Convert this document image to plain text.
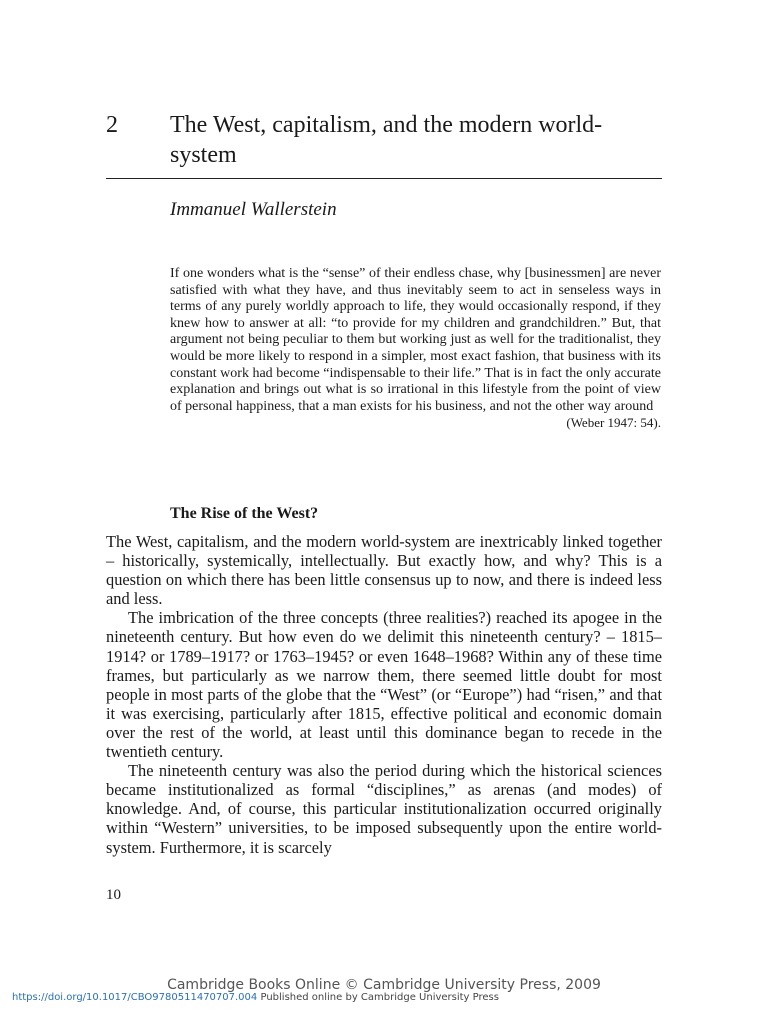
2 The West, capitalism, and the modern world-system
Immanuel Wallerstein
If one wonders what is the “sense” of their endless chase, why [businessmen] are never satisfied with what they have, and thus inevitably seem to act in senseless ways in terms of any purely worldly approach to life, they would occasionally respond, if they knew how to answer at all: “to provide for my children and grandchildren.” But, that argument not being peculiar to them but working just as well for the traditionalist, they would be more likely to respond in a simpler, most exact fashion, that business with its constant work had become “indispensable to their life.” That is in fact the only accurate explanation and brings out what is so irrational in this lifestyle from the point of view of personal happiness, that a man exists for his business, and not the other way around
(Weber 1947: 54).
The Rise of the West?

The West, capitalism, and the modern world-system are inextricably linked together – historically, systemically, intellectually. But exactly how, and why? This is a question on which there has been little consensus up to now, and there is indeed less and less.

The imbrication of the three concepts (three realities?) reached its apogee in the nineteenth century. But how even do we delimit this nineteenth century? – 1815–1914? or 1789–1917? or 1763–1945? or even 1648–1968? Within any of these time frames, but particularly as we narrow them, there seemed little doubt for most people in most parts of the globe that the “West” (or “Europe”) had “risen,” and that it was exercising, particularly after 1815, effective political and economic domain over the rest of the world, at least until this dominance began to recede in the twentieth century.

The nineteenth century was also the period during which the historical sciences became institutionalized as formal “disciplines,” as arenas (and modes) of knowledge. And, of course, this particular institutionalization occurred originally within “Western” universities, to be imposed subsequently upon the entire world-system. Furthermore, it is scarcely

10
Cambridge Books Online © Cambridge University Press, 2009
https://doi.org/10.1017/CBO9780511470707.004 Published online by Cambridge University Press
